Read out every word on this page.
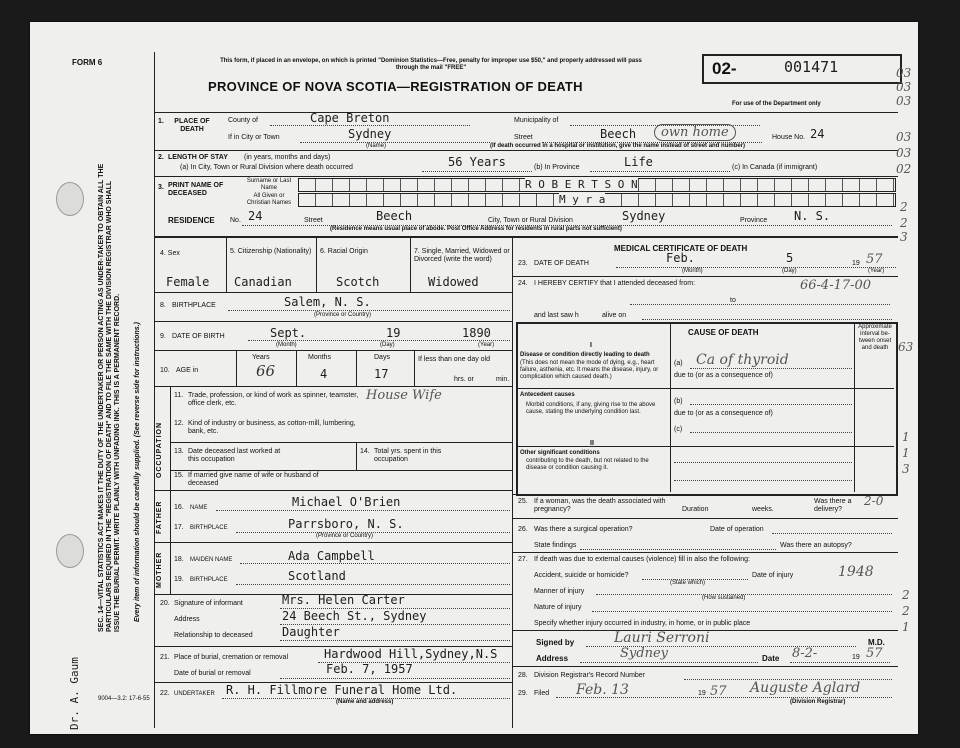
FORM 6
SEC. 14—VITAL STATISTICS ACT MAKES IT THE DUTY OF THE UNDERTAKER OR PERSON ACTING AS UNDER-TAKER TO OBTAIN ALL THE PARTICULARS REQUIRED IN THE "REGISTRATION OF DEATH" AND TO FILE THE SAME WITH THE DIVISION REGISTRAR WHO SHALL ISSUE THE BURIAL PERMIT. WRITE PLAINLY WITH UNFADING INK. THIS IS A PERMANENT RECORD. Every item of information should be carefully supplied. (See reverse side for instructions.)
Dr. A. Gaum	9004—3.2: 17-6-55
This form, if placed in an envelope, on which is printed "Dominion Statistics—Free, penalty for improper use $50," and properly addressed will pass through the mail "FREE"
PROVINCE OF NOVA SCOTIA—REGISTRATION OF DEATH
02-	001471
For use of the Department only
1.	PLACE OF DEATH
County of	Cape Breton	Municipality of
If in City or Town	Sydney
(Name)
Street	Beech	own home	House No. 24
(If death occurred in a hospital or institution, give the name instead of street and number)
2. LENGTH OF STAY (in years, months and days)
(a) In City, Town or Rural Division where death occurred	56 Years	(b) In Province	Life	(c) In Canada (if immigrant)
3. PRINT NAME OF DECEASED
Surname or Last Name
All Given or Christian Names
R O B E R T S O N
M y r a
RESIDENCE No. 24	Street	Beech	City, Town or Rural Division	Sydney	Province N. S.
(Residence means usual place of abode. Post Office Address for residents in rural parts not sufficient)
4. Sex
Female
5. Citizenship (Nationality)
Canadian
6. Racial Origin
Scotch
7. Single, Married, Widowed or Divorced (write the word)
Widowed
8. BIRTHPLACE	Salem, N. S.
(Province or Country)
9. DATE OF BIRTH	Sept.	19	1890
(Month)	(Day)	(Year)
10. AGE in
Years	Months	Days
66	4	17
If less than one day old
hrs. or	min.
OCCUPATION
11. Trade, profession, or kind of work as spinner, teamster, office clerk, etc.
House Wife
12. Kind of industry or business, as cotton-mill, lumbering, bank, etc.
13. Date deceased last worked at this occupation
14. Total yrs. spent in this occupation
15. If married give name of wife or husband of deceased
FATHER 16. NAME	Michael O'Brien
17. BIRTHPLACE	Parrsboro, N. S.
(Province or Country)
MOTHER 18. MAIDEN NAME	Ada Campbell
19. BIRTHPLACE	Scotland
20. Signature of informant	Mrs. Helen Carter
Address	24 Beech St., Sydney
Relationship to deceased Daughter
21. Place of burial, cremation or removal	Hardwood Hill,Sydney,N.S
Date of burial or removal	Feb. 7, 1957
22. UNDERTAKER R. H. Fillmore Funeral Home Ltd.
(Name and address)
MEDICAL CERTIFICATE OF DEATH
23. DATE OF DEATH	Feb.	5	19 57
(Month)	(Day)	(Year)
24. I HEREBY CERTIFY that I attended deceased from:	66-4-17-00
to
and last saw h	alive on
CAUSE OF DEATH
Approximate interval be-tween onset and death
I
Disease or condition directly leading to death
(This does not mean the mode of dying, e.g., heart failure, asthenia, etc. It means the disease, injury, or complication which caused death.)
(a) Ca of thyroid
due to (or as a consequence of)
Antecedent causes
Morbid conditions, if any, giving rise to the above cause, stating the underlying condition last.
(b)
due to (or as a consequence of)
(c)
II
Other significant conditions
contributing to the death, but not related to the disease or condition causing it.
25. If a woman, was the death associated with pregnancy?	Duration	weeks.
Was there a delivery?
2-0
26. Was there a surgical operation?	Date of operation
State findings	Was there an autopsy?
27. If death was due to external causes (violence) fill in also the following:
Accident, suicide or homicide?
(State which)
Date of injury	1948
Manner of injury
(How sustained)
Nature of injury
Specify whether injury occurred in industry, in home, or in public place
Signed by	Lauri Serroni	M.D.
Address	Sydney	Date 8-2-	19 57
28. Division Registrar's Record Number
29. Filed Feb. 13	19 57 Auguste Aglard
(Division Registrar)
03
03
03
03
03
02
2
2
3
63
1
1
3
2
2
1
